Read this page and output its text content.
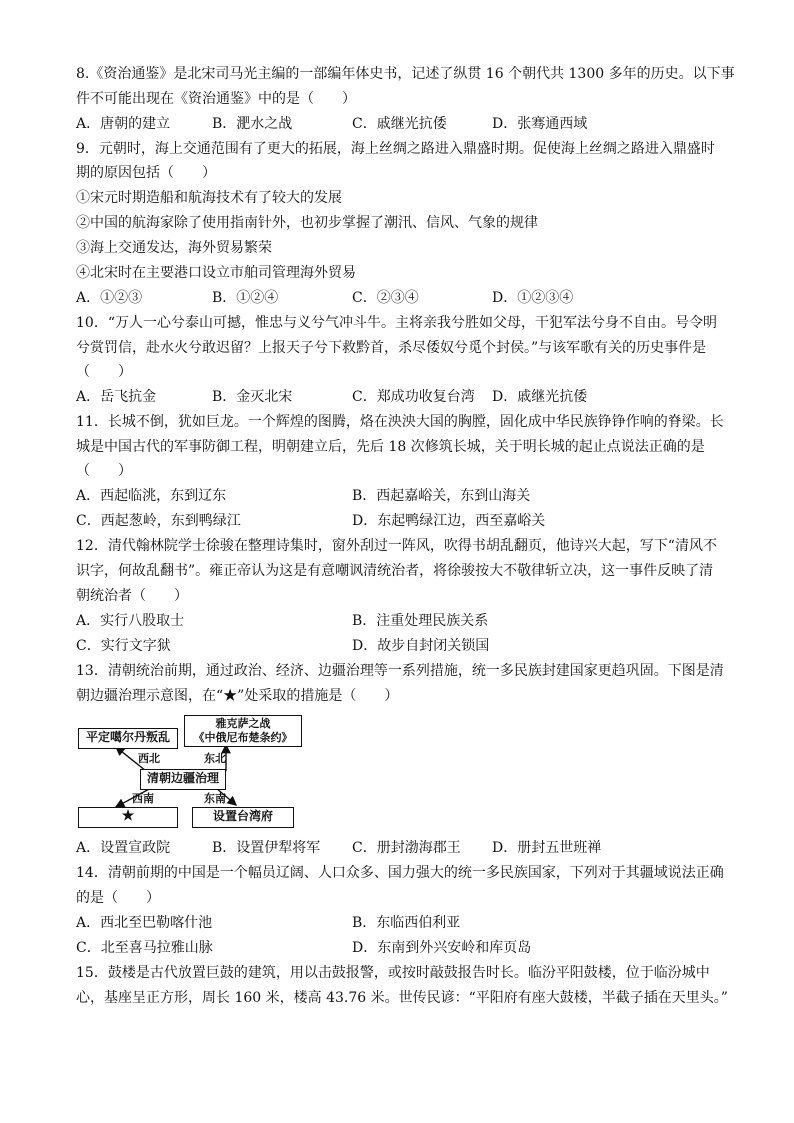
8.《资治通鉴》是北宋司马光主编的一部编年体史书，记述了纵贯 16 个朝代共 1300 多年的历史。以下事
件不可能出现在《资治通鉴》中的是（　　）
A．唐朝的建立	B．淝水之战	C．戚继光抗倭	D．张骞通西域
9．元朝时，海上交通范围有了更大的拓展，海上丝绸之路进入鼎盛时期。促使海上丝绸之路进入鼎盛时
期的原因包括（　　）
①宋元时期造船和航海技术有了较大的发展
②中国的航海家除了使用指南针外，也初步掌握了潮汛、信风、气象的规律
③海上交通发达，海外贸易繁荣
④北宋时在主要港口设立市舶司管理海外贸易
A．①②③	B．①②④	C．②③④	D．①②③④
10．“万人一心兮泰山可撼，惟忠与义兮气冲斗牛。主将亲我兮胜如父母，干犯军法兮身不自由。号令明
兮赏罚信，赴水火兮敢迟留？上报天子兮下救黔首，杀尽倭奴兮觅个封侯。”与该军歌有关的历史事件是
（　　）
A．岳飞抗金	B．金灭北宋	C．郑成功收复台湾 D．戚继光抗倭
11．长城不倒，犹如巨龙。一个辉煌的图腾，烙在泱泱大国的胸膛，固化成中华民族铮铮作响的脊梁。长
城是中国古代的军事防御工程，明朝建立后，先后 18 次修筑长城，关于明长城的起止点说法正确的是
（　　）
A．西起临洮，东到辽东	B．西起嘉峪关，东到山海关
C．西起葱岭，东到鸭绿江	D．东起鸭绿江边，西至嘉峪关
12．清代翰林院学士徐骏在整理诗集时，窗外刮过一阵风，吹得书胡乱翻页，他诗兴大起，写下“清风不
识字，何故乱翻书”。雍正帝认为这是有意嘲讽清统治者，将徐骏按大不敬律斩立决，这一事件反映了清
朝统治者（　　）
A．实行八股取士	B．注重处理民族关系
C．实行文字狱	D．故步自封闭关锁国
13．清朝统治前期，通过政治、经济、边疆治理等一系列措施，统一多民族封建国家更趋巩固。下图是清
朝边疆治理示意图，在“★”处采取的措施是（　　）
平定噶尔丹叛乱
雅克萨之战
《中俄尼布楚条约》
西北	东北
清朝边疆治理
西南	东南
★	设置台湾府
A．设置宣政院	B．设置伊犁将军 C．册封渤海郡王 D．册封五世班禅
14．清朝前期的中国是一个幅员辽阔、人口众多、国力强大的统一多民族国家，下列对于其疆域说法正确
的是（　　）
A．西北至巴勒喀什池	B．东临西伯利亚
C．北至喜马拉雅山脉	D．东南到外兴安岭和库页岛
15．鼓楼是古代放置巨鼓的建筑，用以击鼓报警，或按时敲鼓报告时长。临汾平阳鼓楼，位于临汾城中
心，基座呈正方形，周长 160 米，楼高 43.76 米。世传民谚：“平阳府有座大鼓楼，半截子插在天里头。”
